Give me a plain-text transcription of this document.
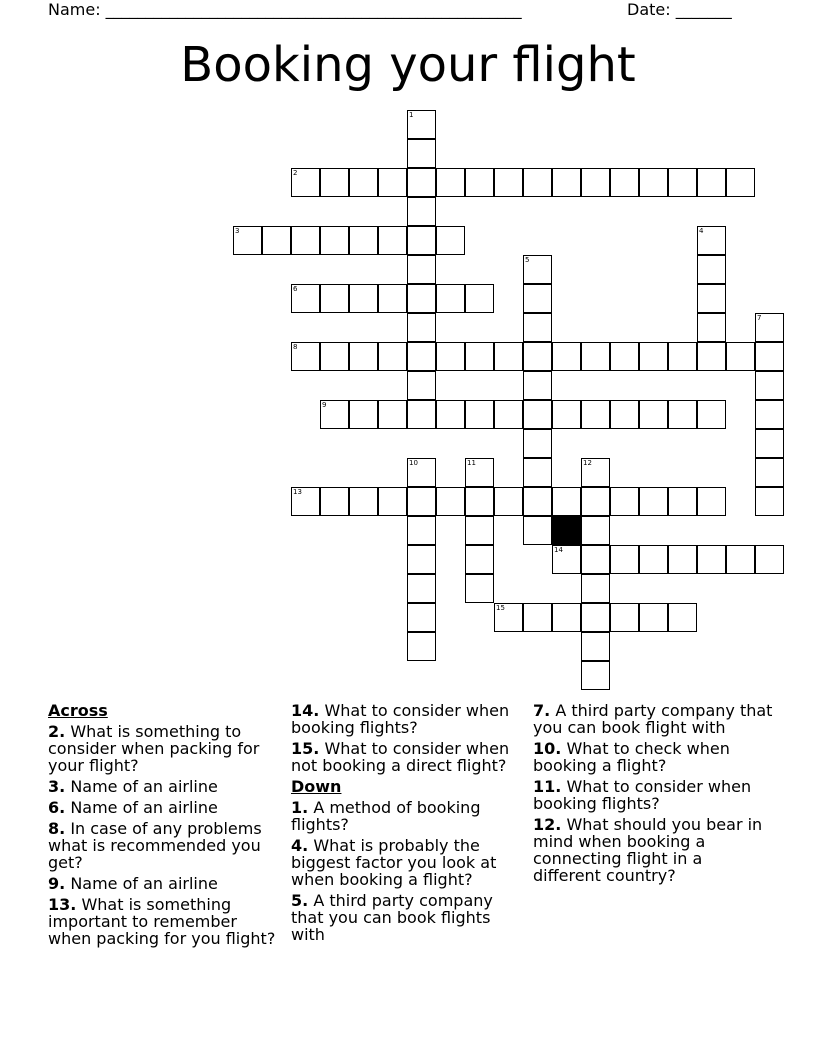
Name: ____________________________________________________	Date: _______
Booking your flight
1
2
3	4
5
6
7
8
9
10	11	12
13
14
15
Across
2. What is something to consider when packing for your flight?
3. Name of an airline
6. Name of an airline
8. In case of any problems what is recommended you get?
9. Name of an airline
13. What is something important to remember when packing for you flight?
14. What to consider when booking flights?
15. What to consider when not booking a direct flight?
Down
1. A method of booking flights?
4. What is probably the biggest factor you look at when booking a flight?
5. A third party company that you can book flights with
7. A third party company that you can book flight with
10. What to check when booking a flight?
11. What to consider when booking flights?
12. What should you bear in mind when booking a connecting flight in a different country?
